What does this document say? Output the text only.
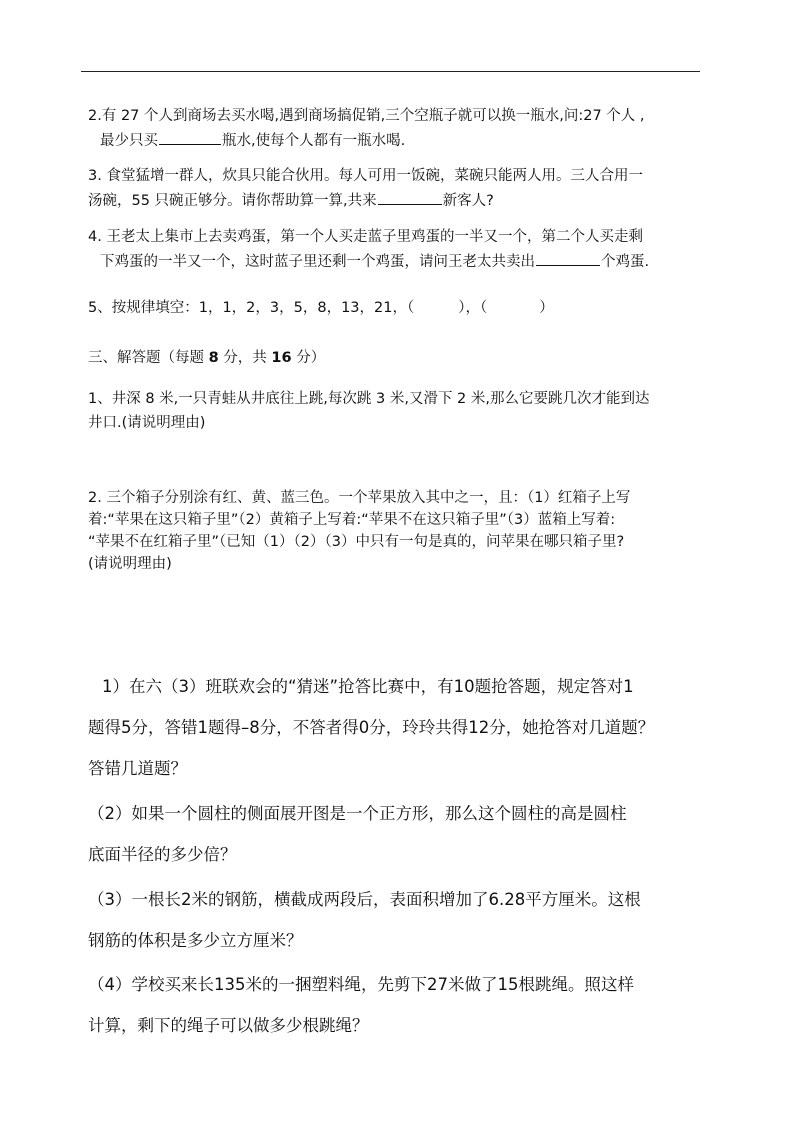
2.有 27 个人到商场去买水喝,遇到商场搞促销,三个空瓶子就可以换一瓶水,问:27 个人 ,
最少只买	瓶水,使每个人都有一瓶水喝.
3. 食堂猛增一群人，炊具只能合伙用。每人可用一饭碗，菜碗只能两人用。三人合用一
汤碗，55 只碗正够分。请你帮助算一算,共来	新客人?
4. 王老太上集市上去卖鸡蛋，第一个人买走蓝子里鸡蛋的一半又一个，第二个人买走剩
下鸡蛋的一半又一个，这时蓝子里还剩一个鸡蛋，请问王老太共卖出	个鸡蛋.
5、按规律填空：1，1，2，3，5，8，13，21，（	），（	）
三、解答题（每题 8 分，共 16 分）
1、井深 8 米,一只青蛙从井底往上跳,每次跳 3 米,又滑下 2 米,那么它要跳几次才能到达
井口.(请说明理由)
2. 三个箱子分别涂有红、黄、蓝三色。一个苹果放入其中之一，且：（1）红箱子上写
着:“苹果在这只箱子里”（2）黄箱子上写着:“苹果不在这只箱子里”（3）蓝箱上写着:
“苹果不在红箱子里”（已知（1）（2）（3）中只有一句是真的，问苹果在哪只箱子里?
(请说明理由)
1）在六（3）班联欢会的“猜迷”抢答比赛中，有10题抢答题，规定答对1
题得5分，答错1题得–8分，不答者得0分，玲玲共得12分，她抢答对几道题？
答错几道题？
（2）如果一个圆柱的侧面展开图是一个正方形，那么这个圆柱的高是圆柱
底面半径的多少倍？
（3）一根长2米的钢筋，横截成两段后，表面积增加了6.28平方厘米。这根
钢筋的体积是多少立方厘米？
（4）学校买来长135米的一捆塑料绳，先剪下27米做了15根跳绳。照这样
计算，剩下的绳子可以做多少根跳绳？
